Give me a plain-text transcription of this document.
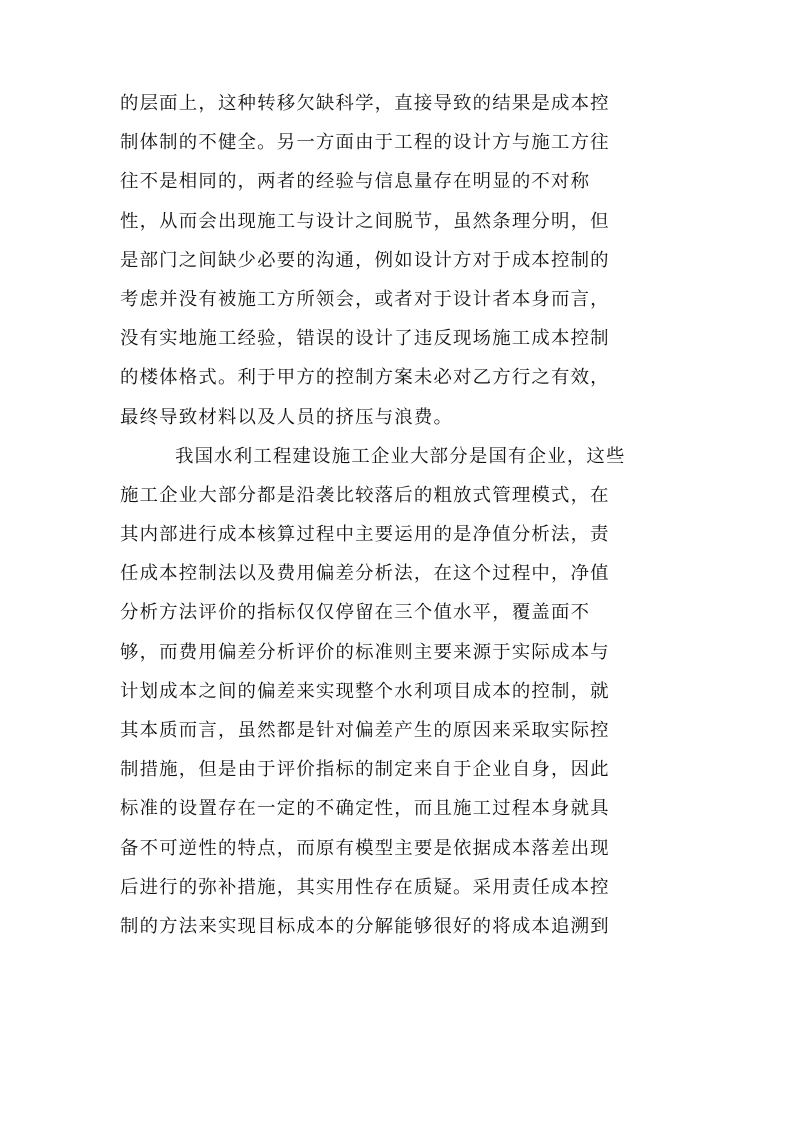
的层面上，这种转移欠缺科学，直接导致的结果是成本控
制体制的不健全。另一方面由于工程的设计方与施工方往
往不是相同的，两者的经验与信息量存在明显的不对称
性，从而会出现施工与设计之间脱节，虽然条理分明，但
是部门之间缺少必要的沟通，例如设计方对于成本控制的
考虑并没有被施工方所领会，或者对于设计者本身而言，
没有实地施工经验，错误的设计了违反现场施工成本控制
的楼体格式。利于甲方的控制方案未必对乙方行之有效，
最终导致材料以及人员的挤压与浪费。
我国水利工程建设施工企业大部分是国有企业，这些
施工企业大部分都是沿袭比较落后的粗放式管理模式，在
其内部进行成本核算过程中主要运用的是净值分析法，责
任成本控制法以及费用偏差分析法，在这个过程中，净值
分析方法评价的指标仅仅停留在三个值水平，覆盖面不
够，而费用偏差分析评价的标准则主要来源于实际成本与
计划成本之间的偏差来实现整个水利项目成本的控制，就
其本质而言，虽然都是针对偏差产生的原因来采取实际控
制措施，但是由于评价指标的制定来自于企业自身，因此
标准的设置存在一定的不确定性，而且施工过程本身就具
备不可逆性的特点，而原有模型主要是依据成本落差出现
后进行的弥补措施，其实用性存在质疑。采用责任成本控
制的方法来实现目标成本的分解能够很好的将成本追溯到
